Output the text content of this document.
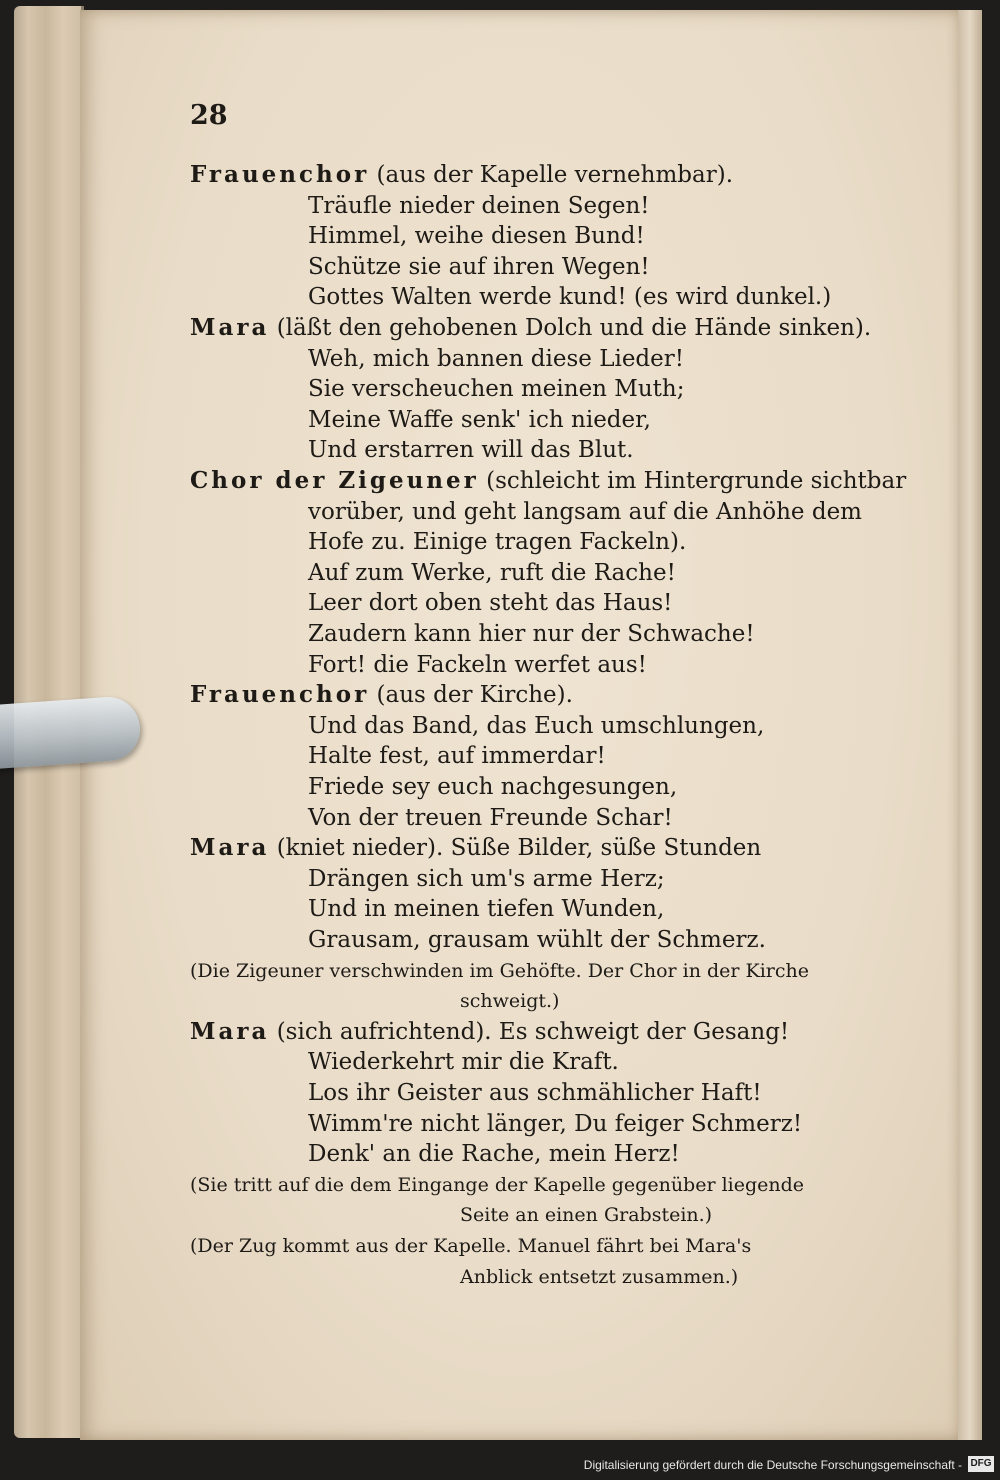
28
Frauenchor (aus der Kapelle vernehmbar).
Träufle nieder deinen Segen!
Himmel, weihe diesen Bund!
Schütze sie auf ihren Wegen!
Gottes Walten werde kund! (es wird dunkel.)
Mara (läßt den gehobenen Dolch und die Hände sinken).
Weh, mich bannen diese Lieder!
Sie verscheuchen meinen Muth;
Meine Waffe senk' ich nieder,
Und erstarren will das Blut.
Chor der Zigeuner (schleicht im Hintergrunde sichtbar
vorüber, und geht langsam auf die Anhöhe dem
Hofe zu. Einige tragen Fackeln).
Auf zum Werke, ruft die Rache!
Leer dort oben steht das Haus!
Zaudern kann hier nur der Schwache!
Fort! die Fackeln werfet aus!
Frauenchor (aus der Kirche).
Und das Band, das Euch umschlungen,
Halte fest, auf immerdar!
Friede sey euch nachgesungen,
Von der treuen Freunde Schar!
Mara (kniet nieder). Süße Bilder, süße Stunden
Drängen sich um's arme Herz;
Und in meinen tiefen Wunden,
Grausam, grausam wühlt der Schmerz.
(Die Zigeuner verschwinden im Gehöfte. Der Chor in der Kirche
schweigt.)
Mara (sich aufrichtend). Es schweigt der Gesang!
Wiederkehrt mir die Kraft.
Los ihr Geister aus schmählicher Haft!
Wimm're nicht länger, Du feiger Schmerz!
Denk' an die Rache, mein Herz!
(Sie tritt auf die dem Eingange der Kapelle gegenüber liegende
Seite an einen Grabstein.)
(Der Zug kommt aus der Kapelle. Manuel fährt bei Mara's
Anblick entsetzt zusammen.)
Digitalisierung gefördert durch die Deutsche Forschungsgemeinschaft - DFG
